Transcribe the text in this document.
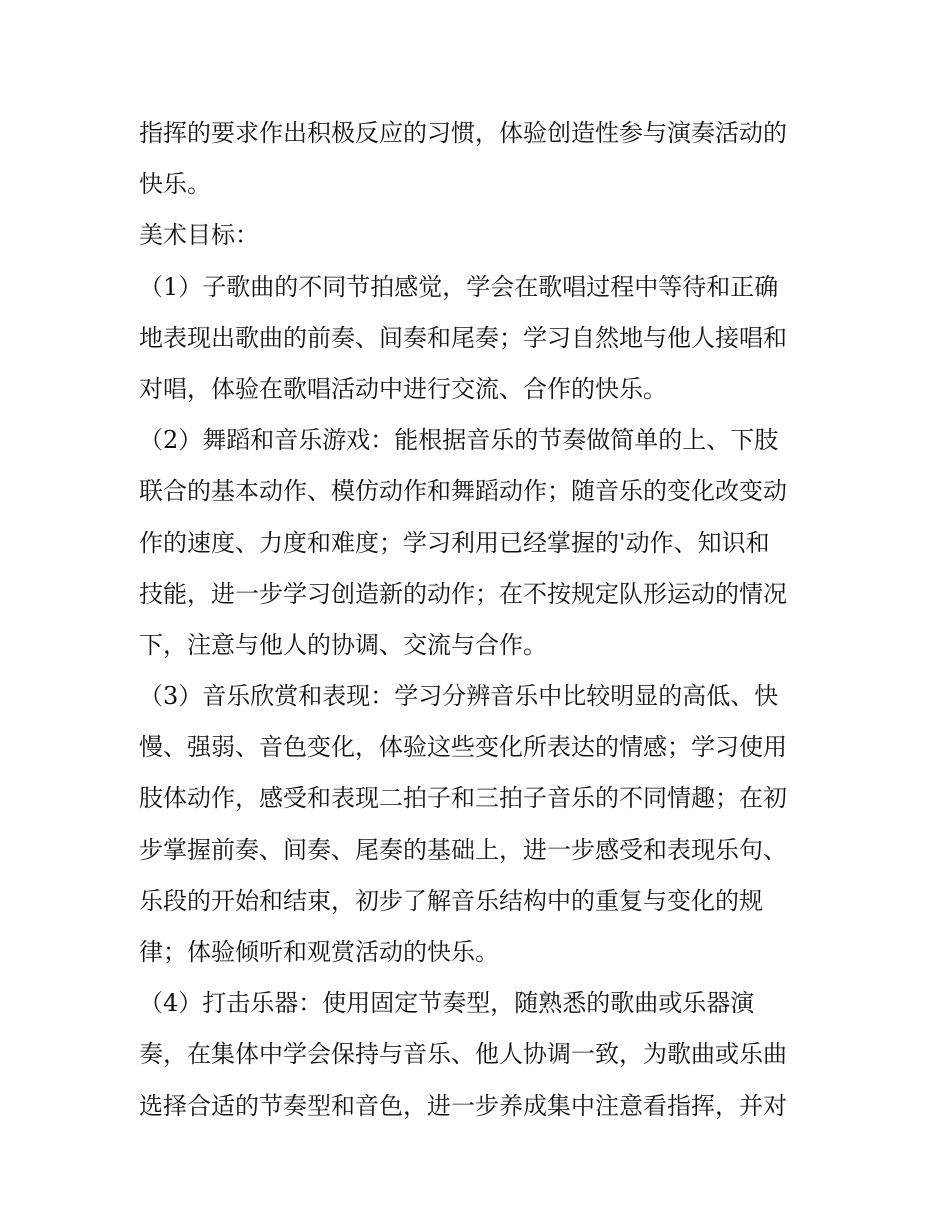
指挥的要求作出积极反应的习惯，体验创造性参与演奏活动的
快乐。
美术目标：
（1）子歌曲的不同节拍感觉，学会在歌唱过程中等待和正确
地表现出歌曲的前奏、间奏和尾奏；学习自然地与他人接唱和
对唱，体验在歌唱活动中进行交流、合作的快乐。
（2）舞蹈和音乐游戏：能根据音乐的节奏做简单的上、下肢
联合的基本动作、模仿动作和舞蹈动作；随音乐的变化改变动
作的速度、力度和难度；学习利用已经掌握的'动作、知识和
技能，进一步学习创造新的动作；在不按规定队形运动的情况
下，注意与他人的协调、交流与合作。
（3）音乐欣赏和表现：学习分辨音乐中比较明显的高低、快
慢、强弱、音色变化，体验这些变化所表达的情感；学习使用
肢体动作，感受和表现二拍子和三拍子音乐的不同情趣；在初
步掌握前奏、间奏、尾奏的基础上，进一步感受和表现乐句、
乐段的开始和结束，初步了解音乐结构中的重复与变化的规
律；体验倾听和观赏活动的快乐。
（4）打击乐器：使用固定节奏型，随熟悉的歌曲或乐器演
奏，在集体中学会保持与音乐、他人协调一致，为歌曲或乐曲
选择合适的节奏型和音色，进一步养成集中注意看指挥，并对
